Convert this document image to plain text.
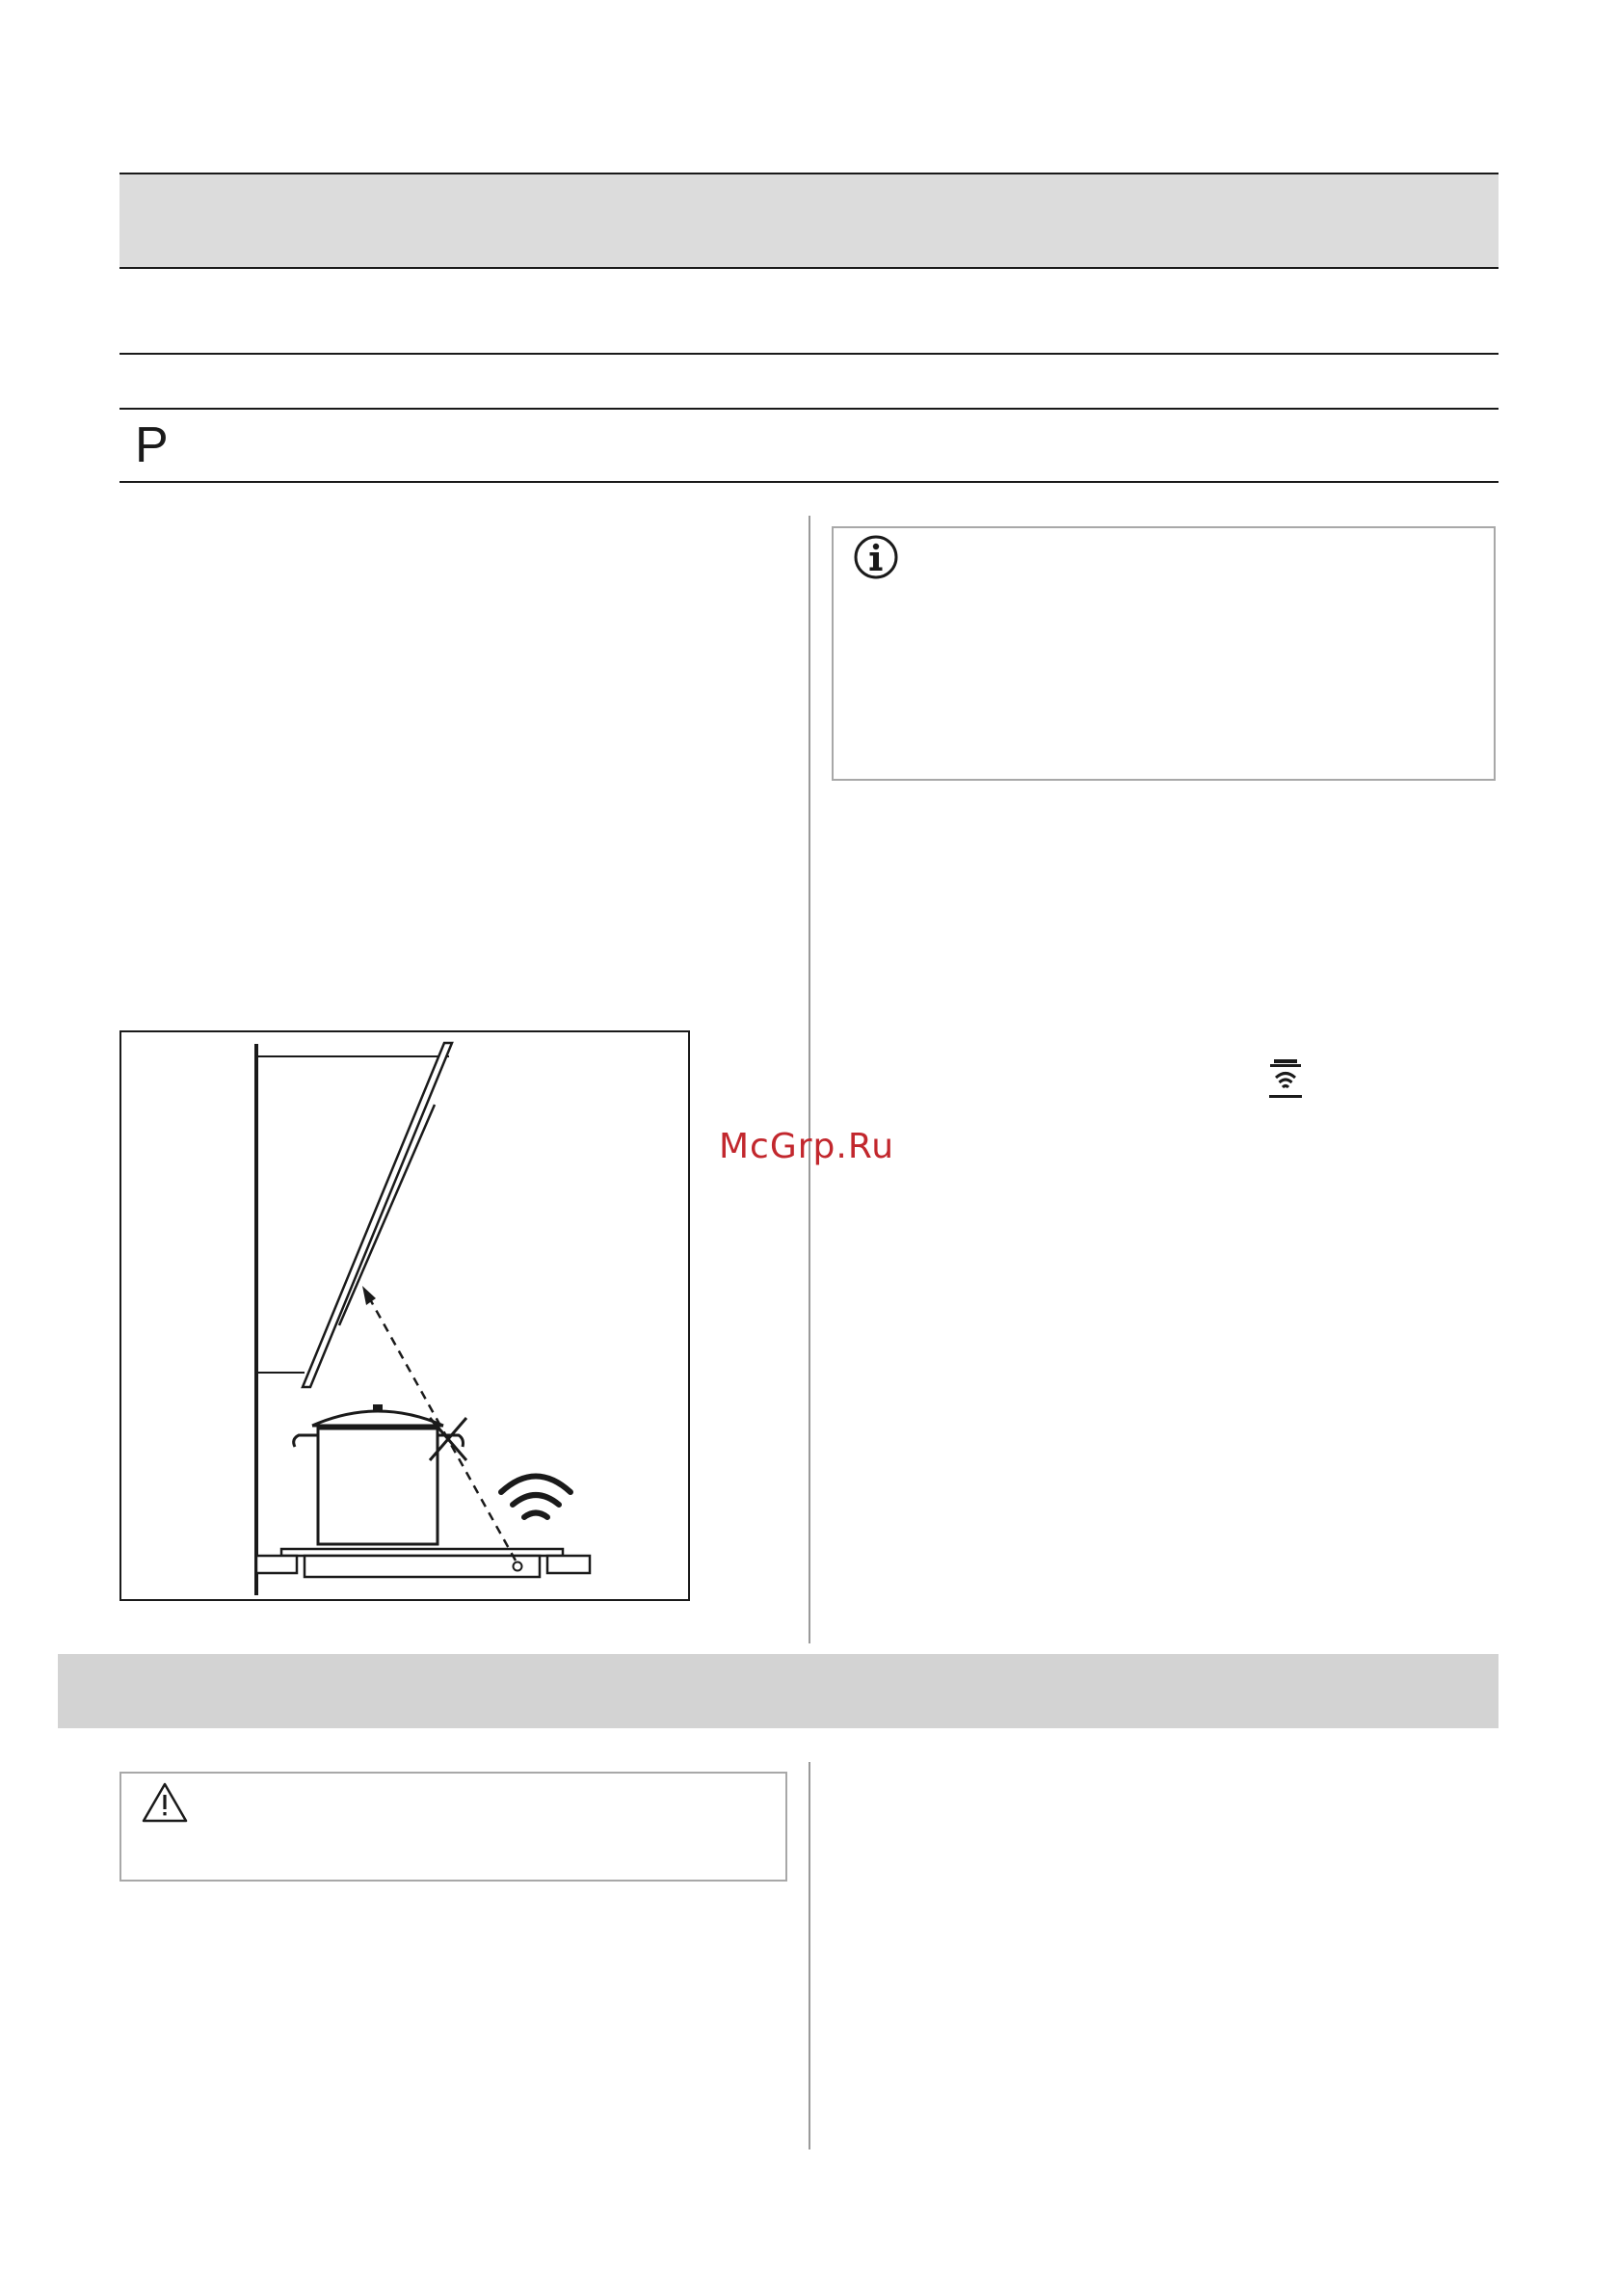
P
McGrp.Ru
